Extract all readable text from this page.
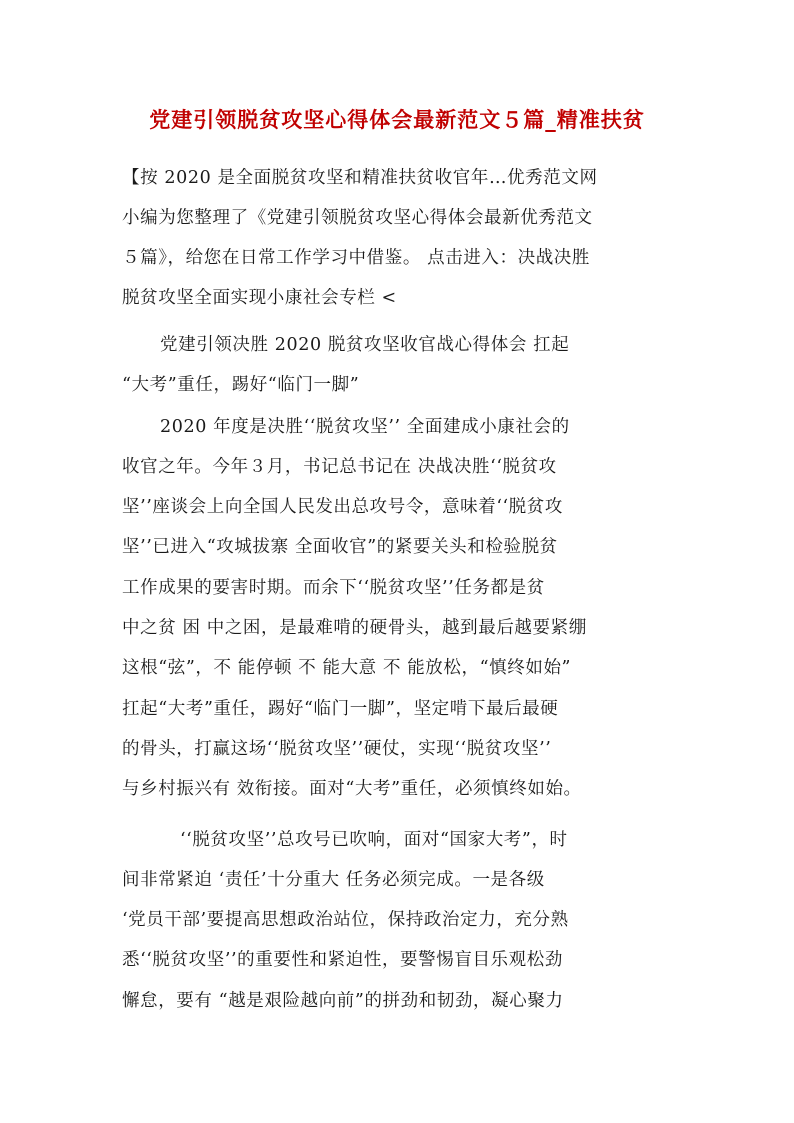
党建引领脱贫攻坚心得体会最新范文５篇_精准扶贫
【按 2020 是全面脱贫攻坚和精准扶贫收官年…优秀范文网
小编为您整理了《党建引领脱贫攻坚心得体会最新优秀范文
５篇》，给您在日常工作学习中借鉴。 点击进入：决战决胜
脱贫攻坚全面实现小康社会专栏 <
党建引领决胜 2020 脱贫攻坚收官战心得体会 扛起
“大考”重任，踢好“临门一脚”
2020 年度是决胜‘‘脱贫攻坚’’ 全面建成小康社会的
收官之年。今年３月，书记总书记在 决战决胜‘‘脱贫攻
坚’’座谈会上向全国人民发出总攻号令，意味着‘‘脱贫攻
坚’’已进入“攻城拔寨 全面收官”的紧要关头和检验脱贫
工作成果的要害时期。而余下‘‘脱贫攻坚’’任务都是贫
中之贫 困 中之困，是最难啃的硬骨头，越到最后越要紧绷
这根“弦”，不 能停顿 不 能大意 不 能放松，“慎终如始”
扛起“大考”重任，踢好“临门一脚”，坚定啃下最后最硬
的骨头，打赢这场‘‘脱贫攻坚’’硬仗，实现‘‘脱贫攻坚’’
与乡村振兴有 效衔接。面对“大考”重任，必须慎终如始。
‘‘脱贫攻坚’’总攻号已吹响，面对“国家大考”，时
间非常紧迫 ‘责任’十分重大 任务必须完成。一是各级
‘党员干部’要提高思想政治站位，保持政治定力，充分熟
悉‘‘脱贫攻坚’’的重要性和紧迫性，要警惕盲目乐观松劲
懈怠，要有 “越是艰险越向前”的拼劲和韧劲，凝心聚力
